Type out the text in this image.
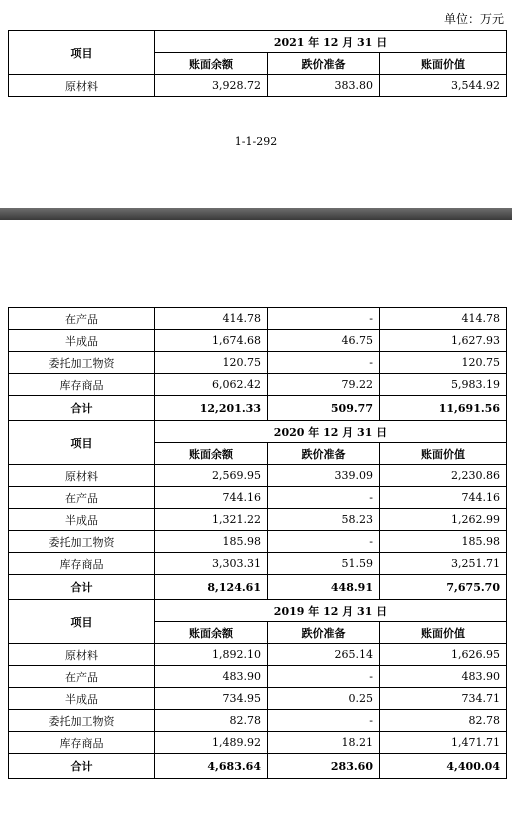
单位：万元
项目	2021 年 12 月 31 日		
	账面余额	跌价准备	账面价值
原材料	3,928.72	383.80	3,544.92
1-1-292
在产品	414.78	-	414.78
半成品	1,674.68	46.75	1,627.93
委托加工物资	120.75	-	120.75
库存商品	6,062.42	79.22	5,983.19
合计	12,201.33	509.77	11,691.56
项目	2020 年 12 月 31 日		
	账面余额	跌价准备	账面价值
原材料	2,569.95	339.09	2,230.86
在产品	744.16	-	744.16
半成品	1,321.22	58.23	1,262.99
委托加工物资	185.98	-	185.98
库存商品	3,303.31	51.59	3,251.71
合计	8,124.61	448.91	7,675.70
项目	2019 年 12 月 31 日		
	账面余额	跌价准备	账面价值
原材料	1,892.10	265.14	1,626.95
在产品	483.90	-	483.90
半成品	734.95	0.25	734.71
委托加工物资	82.78	-	82.78
库存商品	1,489.92	18.21	1,471.71
合计	4,683.64	283.60	4,400.04
